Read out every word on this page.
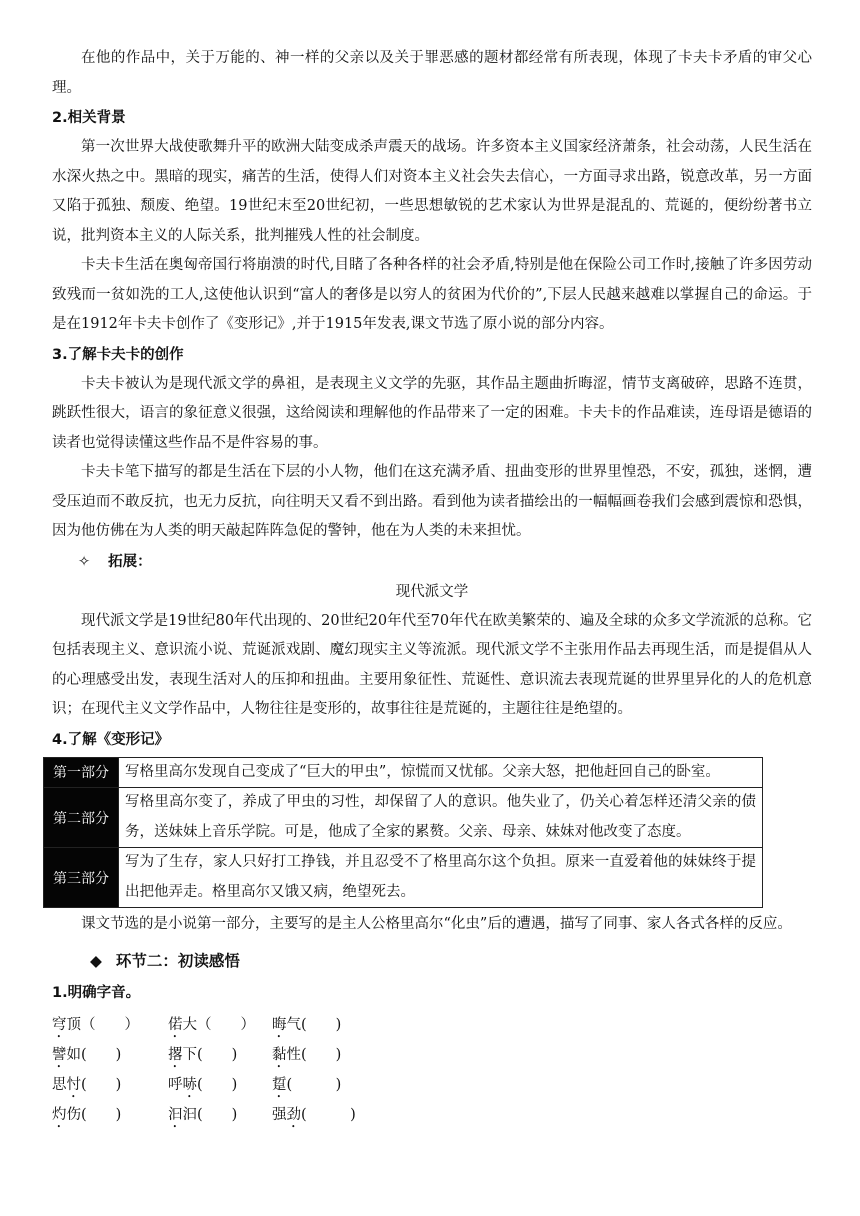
在他的作品中，关于万能的、神一样的父亲以及关于罪恶感的题材都经常有所表现，体现了卡夫卡矛盾的审父心理。

2.相关背景

第一次世界大战使歌舞升平的欧洲大陆变成杀声震天的战场。许多资本主义国家经济萧条，社会动荡，人民生活在水深火热之中。黑暗的现实，痛苦的生活，使得人们对资本主义社会失去信心，一方面寻求出路，锐意改革，另一方面又陷于孤独、颓废、绝望。19世纪末至20世纪初，一些思想敏锐的艺术家认为世界是混乱的、荒诞的，便纷纷著书立说，批判资本主义的人际关系，批判摧残人性的社会制度。

卡夫卡生活在奥匈帝国行将崩溃的时代,目睹了各种各样的社会矛盾,特别是他在保险公司工作时,接触了许多因劳动致残而一贫如洗的工人,这使他认识到“富人的奢侈是以穷人的贫困为代价的”,下层人民越来越难以掌握自己的命运。于是在1912年卡夫卡创作了《变形记》,并于1915年发表,课文节选了原小说的部分内容。

3.了解卡夫卡的创作

卡夫卡被认为是现代派文学的鼻祖，是表现主义文学的先驱，其作品主题曲折晦涩，情节支离破碎，思路不连贯，跳跃性很大，语言的象征意义很强，这给阅读和理解他的作品带来了一定的困难。卡夫卡的作品难读，连母语是德语的读者也觉得读懂这些作品不是件容易的事。

卡夫卡笔下描写的都是生活在下层的小人物，他们在这充满矛盾、扭曲变形的世界里惶恐，不安，孤独，迷惘，遭受压迫而不敢反抗，也无力反抗，向往明天又看不到出路。看到他为读者描绘出的一幅幅画卷我们会感到震惊和恐惧，因为他仿佛在为人类的明天敲起阵阵急促的警钟，他在为人类的未来担忧。

✧ 拓展：

现代派文学

现代派文学是19世纪80年代出现的、20世纪20年代至70年代在欧美繁荣的、遍及全球的众多文学流派的总称。它包括表现主义、意识流小说、荒诞派戏剧、魔幻现实主义等流派。现代派文学不主张用作品去再现生活，而是提倡从人的心理感受出发，表现生活对人的压抑和扭曲。主要用象征性、荒诞性、意识流去表现荒诞的世界里异化的人的危机意识；在现代主义文学作品中，人物往往是变形的，故事往往是荒诞的，主题往往是绝望的。

4.了解《变形记》

第一部分	写格里高尔发现自己变成了“巨大的甲虫”，惊慌而又忧郁。父亲大怒，把他赶回自己的卧室。
第二部分	写格里高尔变了，养成了甲虫的习性，却保留了人的意识。他失业了，仍关心着怎样还清父亲的债务，送妹妹上音乐学院。可是，他成了全家的累赘。父亲、母亲、妹妹对他改变了态度。
第三部分	写为了生存，家人只好打工挣钱，并且忍受不了格里高尔这个负担。原来一直爱着他的妹妹终于提出把他弄走。格里高尔又饿又病，绝望死去。

课文节选的是小说第一部分，主要写的是主人公格里高尔“化虫”后的遭遇，描写了同事、家人各式各样的反应。

◆ 环节二：初读感悟

1.明确字音。

穹顶（　　） 偌大（　　） 晦气(　　)
譬如(　　)	撂下(　　) 黏性(　　)
思忖(　　)	呼哧(　　) 踅(　　　)
灼伤(　　)	汩汩(　　) 强劲(　　　)
